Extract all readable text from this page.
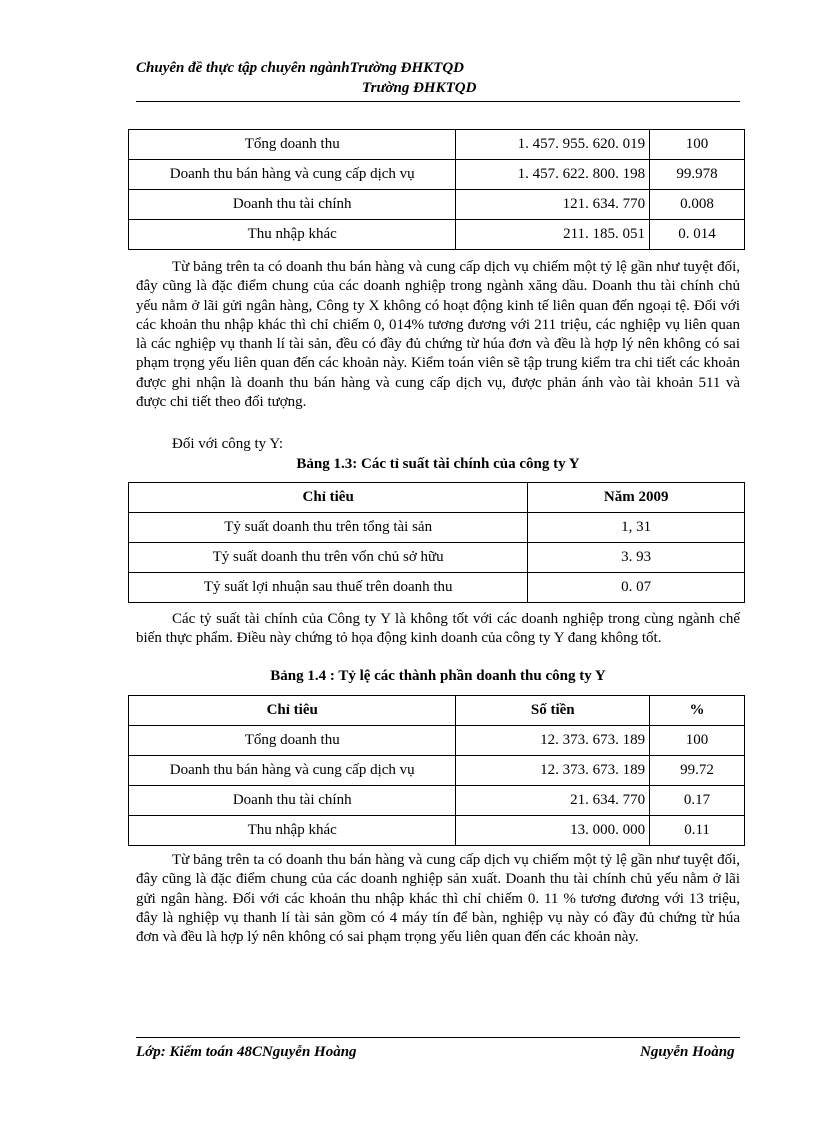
Chuyên đề thực tập chuyên ngànhTrường ĐHKTQD
Trường ĐHKTQD
Tổng doanh thu	1. 457. 955. 620. 019	100
Doanh thu bán hàng và cung cấp dịch vụ	1. 457. 622. 800. 198	99.978
Doanh thu tài chính	121. 634. 770	0.008
Thu nhập khác	211. 185. 051	0. 014

Từ bảng trên ta có doanh thu bán hàng và cung cấp dịch vụ chiếm một tỷ lệ gần như tuyệt đối, đây cũng là đặc điểm chung của các doanh nghiệp trong ngành xăng dầu. Doanh thu tài chính chủ yếu nằm ở lãi gửi ngân hàng, Công ty X không có hoạt động kinh tế liên quan đến ngoại tệ. Đối với các khoản thu nhập khác thì chỉ chiếm 0, 014% tương đương với 211 triệu, các nghiệp vụ liên quan là các nghiệp vụ thanh lí tài sản, đều có đầy đủ chứng từ húa đơn và đều là hợp lý nên không có sai phạm trọng yếu liên quan đến các khoản này. Kiểm toán viên sẽ tập trung kiểm tra chi tiết các khoản được ghi nhận là doanh thu bán hàng và cung cấp dịch vụ, được phản ánh vào tài khoản 511 và được chi tiết theo đối tượng.

Đối với công ty Y:
Bảng 1.3: Các tỉ suất tài chính của công ty Y
Chỉ tiêu	Năm 2009
Tỷ suất doanh thu trên tổng tài sản	1, 31
Tỷ suất doanh thu trên vốn chủ sở hữu	3. 93
Tỷ suất lợi nhuận sau thuế trên doanh thu	0. 07

Các tỷ suất tài chính của Công ty Y là không tốt với các doanh nghiệp trong cùng ngành chế biến thực phẩm. Điều này chứng tỏ họa động kinh doanh của công ty Y đang không tốt.

Bảng 1.4 : Tỷ lệ các thành phần doanh thu công ty Y
Chỉ tiêu	Số tiền	%
Tổng doanh thu	12. 373. 673. 189	100
Doanh thu bán hàng và cung cấp dịch vụ	12. 373. 673. 189	99.72
Doanh thu tài chính	21. 634. 770	0.17
Thu nhập khác	13. 000. 000	0.11

Từ bảng trên ta có doanh thu bán hàng và cung cấp dịch vụ chiếm một tỷ lệ gần như tuyệt đối, đây cũng là đặc điểm chung của các doanh nghiệp sản xuất. Doanh thu tài chính chủ yếu nằm ở lãi gửi ngân hàng. Đối với các khoản thu nhập khác thì chỉ chiếm 0. 11 % tương đương với 13 triệu, đây là nghiệp vụ thanh lí tài sản gồm có 4 máy tín để bàn, nghiệp vụ này có đầy đủ chứng từ húa đơn và đều là hợp lý nên không có sai phạm trọng yếu liên quan đến các khoản này.

Lớp: Kiểm toán 48CNguyễn Hoàng	Nguyễn Hoàng
